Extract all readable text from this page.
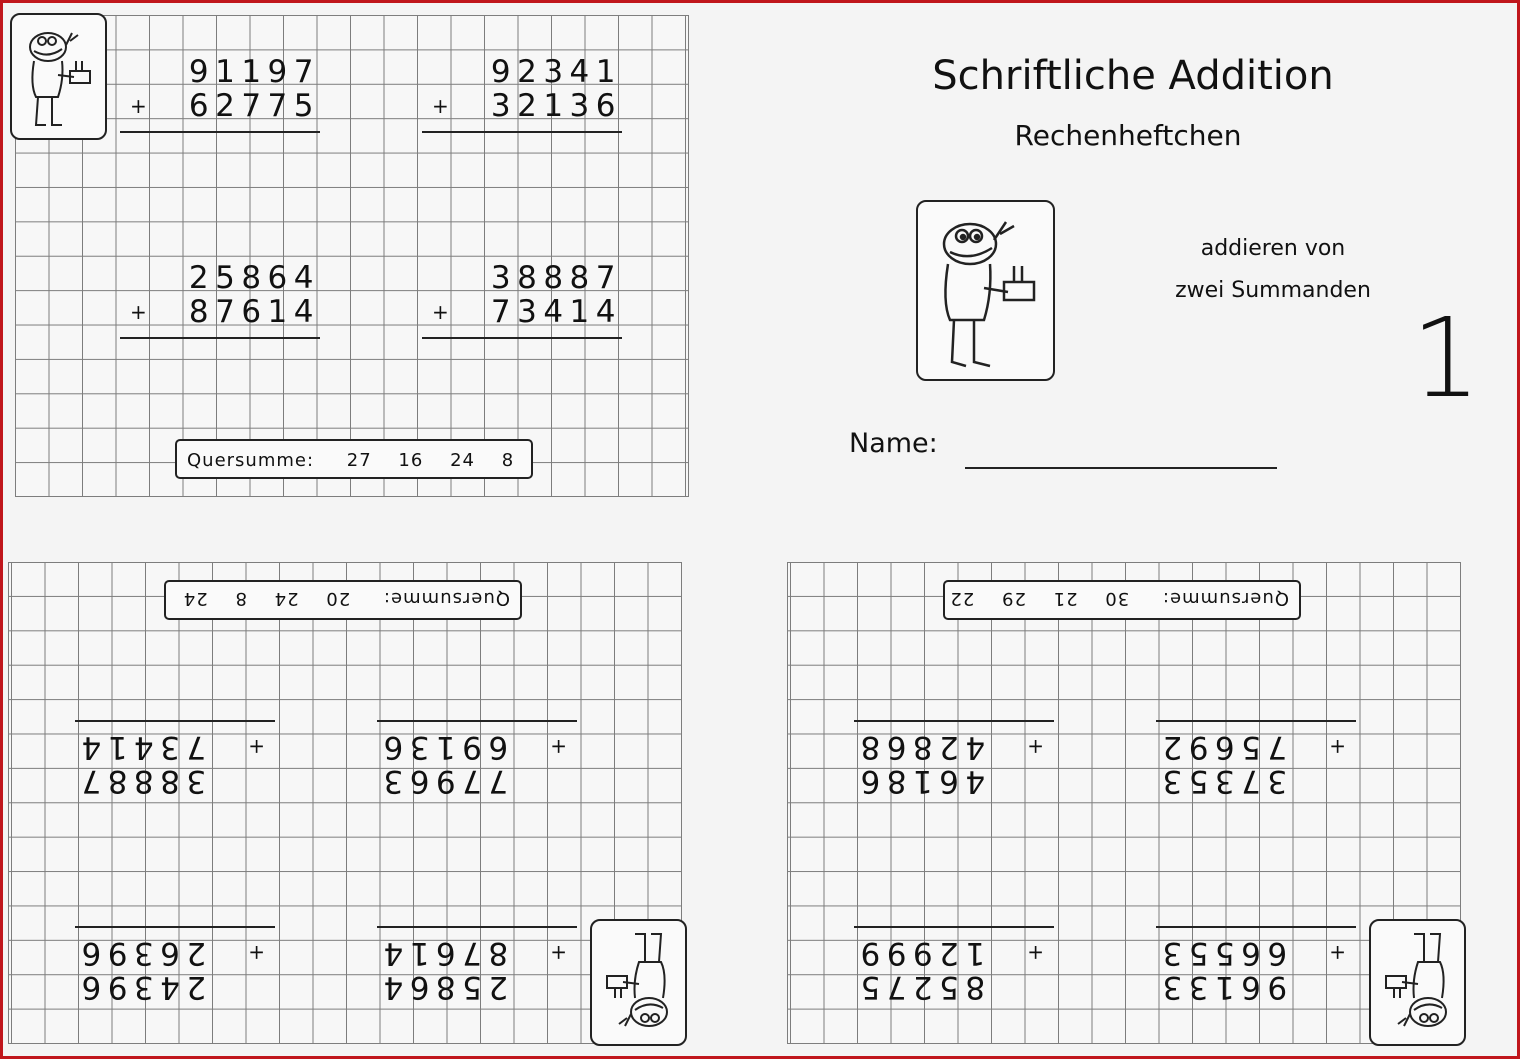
91197
+ 62775
92341
+ 32136
25864
+ 87614
38887
+ 73414
Quersumme: 27 16 24 8
Schriftliche Addition
Rechenheftchen
addieren von
zwei Summanden
1
Name:
25864
+
87614
24396
+
26396
77963
+
69136
38887
+
73414
Quersumme: 20 24 8 24
96133
+
66553
85275
+
12999
37353
+
75692
46186
+
42868
Quersumme: 30 21 29 22
